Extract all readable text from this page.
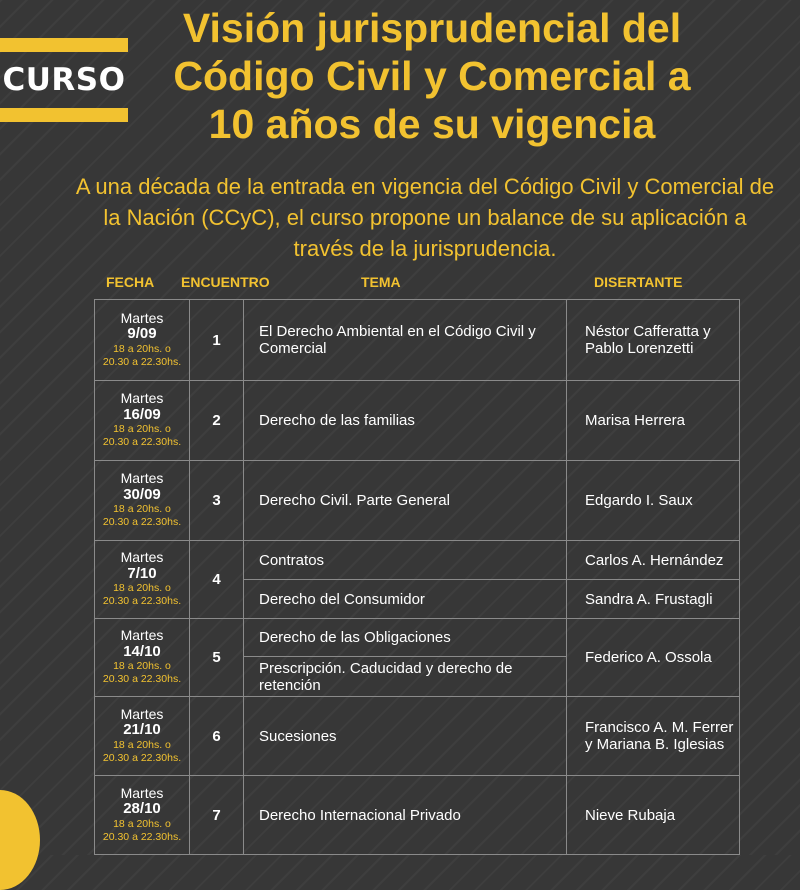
CURSO
Visión jurisprudencial del
Código Civil y Comercial a
10 años de su vigencia

A una década de la entrada en vigencia del Código Civil y Comercial de
la Nación (CCyC), el curso propone un balance de su aplicación a
través de la jurisprudencia.

FECHA ENCUENTRO	TEMA	DISERTANTE
Martes
9/09
18 a 20hs. o
20.30 a 22.30hs.	1	El Derecho Ambiental en el Código Civil y Comercial	Néstor Cafferatta y Pablo Lorenzetti

Martes
16/09
18 a 20hs. o
20.30 a 22.30hs.	2	Derecho de las familias	Marisa Herrera

Martes
30/09
18 a 20hs. o
20.30 a 22.30hs.	3	Derecho Civil. Parte General	Edgardo I. Saux

Martes
7/10
18 a 20hs. o
20.30 a 22.30hs.	4	Contratos	Carlos A. Hernández
		Derecho del Consumidor	Sandra A. Frustagli

Martes
14/10
18 a 20hs. o
20.30 a 22.30hs.	5	Derecho de las Obligaciones	Federico A. Ossola
		Prescripción. Caducidad y derecho de retención	

Martes
21/10
18 a 20hs. o
20.30 a 22.30hs.	6	Sucesiones	Francisco A. M. Ferrer y Mariana B. Iglesias

Martes
28/10
18 a 20hs. o
20.30 a 22.30hs.	7	Derecho Internacional Privado	Nieve Rubaja
